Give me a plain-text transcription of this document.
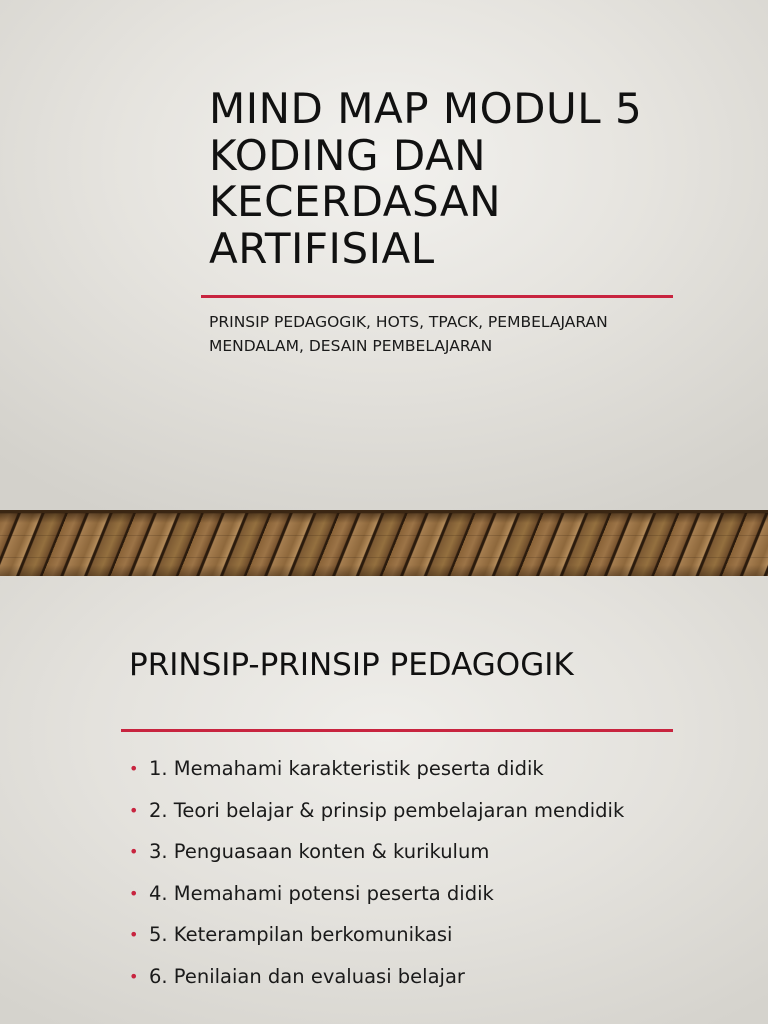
MIND MAP MODUL 5
KODING DAN
KECERDASAN
ARTIFISIAL

PRINSIP PEDAGOGIK, HOTS, TPACK, PEMBELAJARAN MENDALAM, DESAIN PEMBELAJARAN

PRINSIP-PRINSIP PEDAGOGIK
• 1. Memahami karakteristik peserta didik
• 2. Teori belajar & prinsip pembelajaran mendidik
• 3. Penguasaan konten & kurikulum
• 4. Memahami potensi peserta didik
• 5. Keterampilan berkomunikasi
• 6. Penilaian dan evaluasi belajar
